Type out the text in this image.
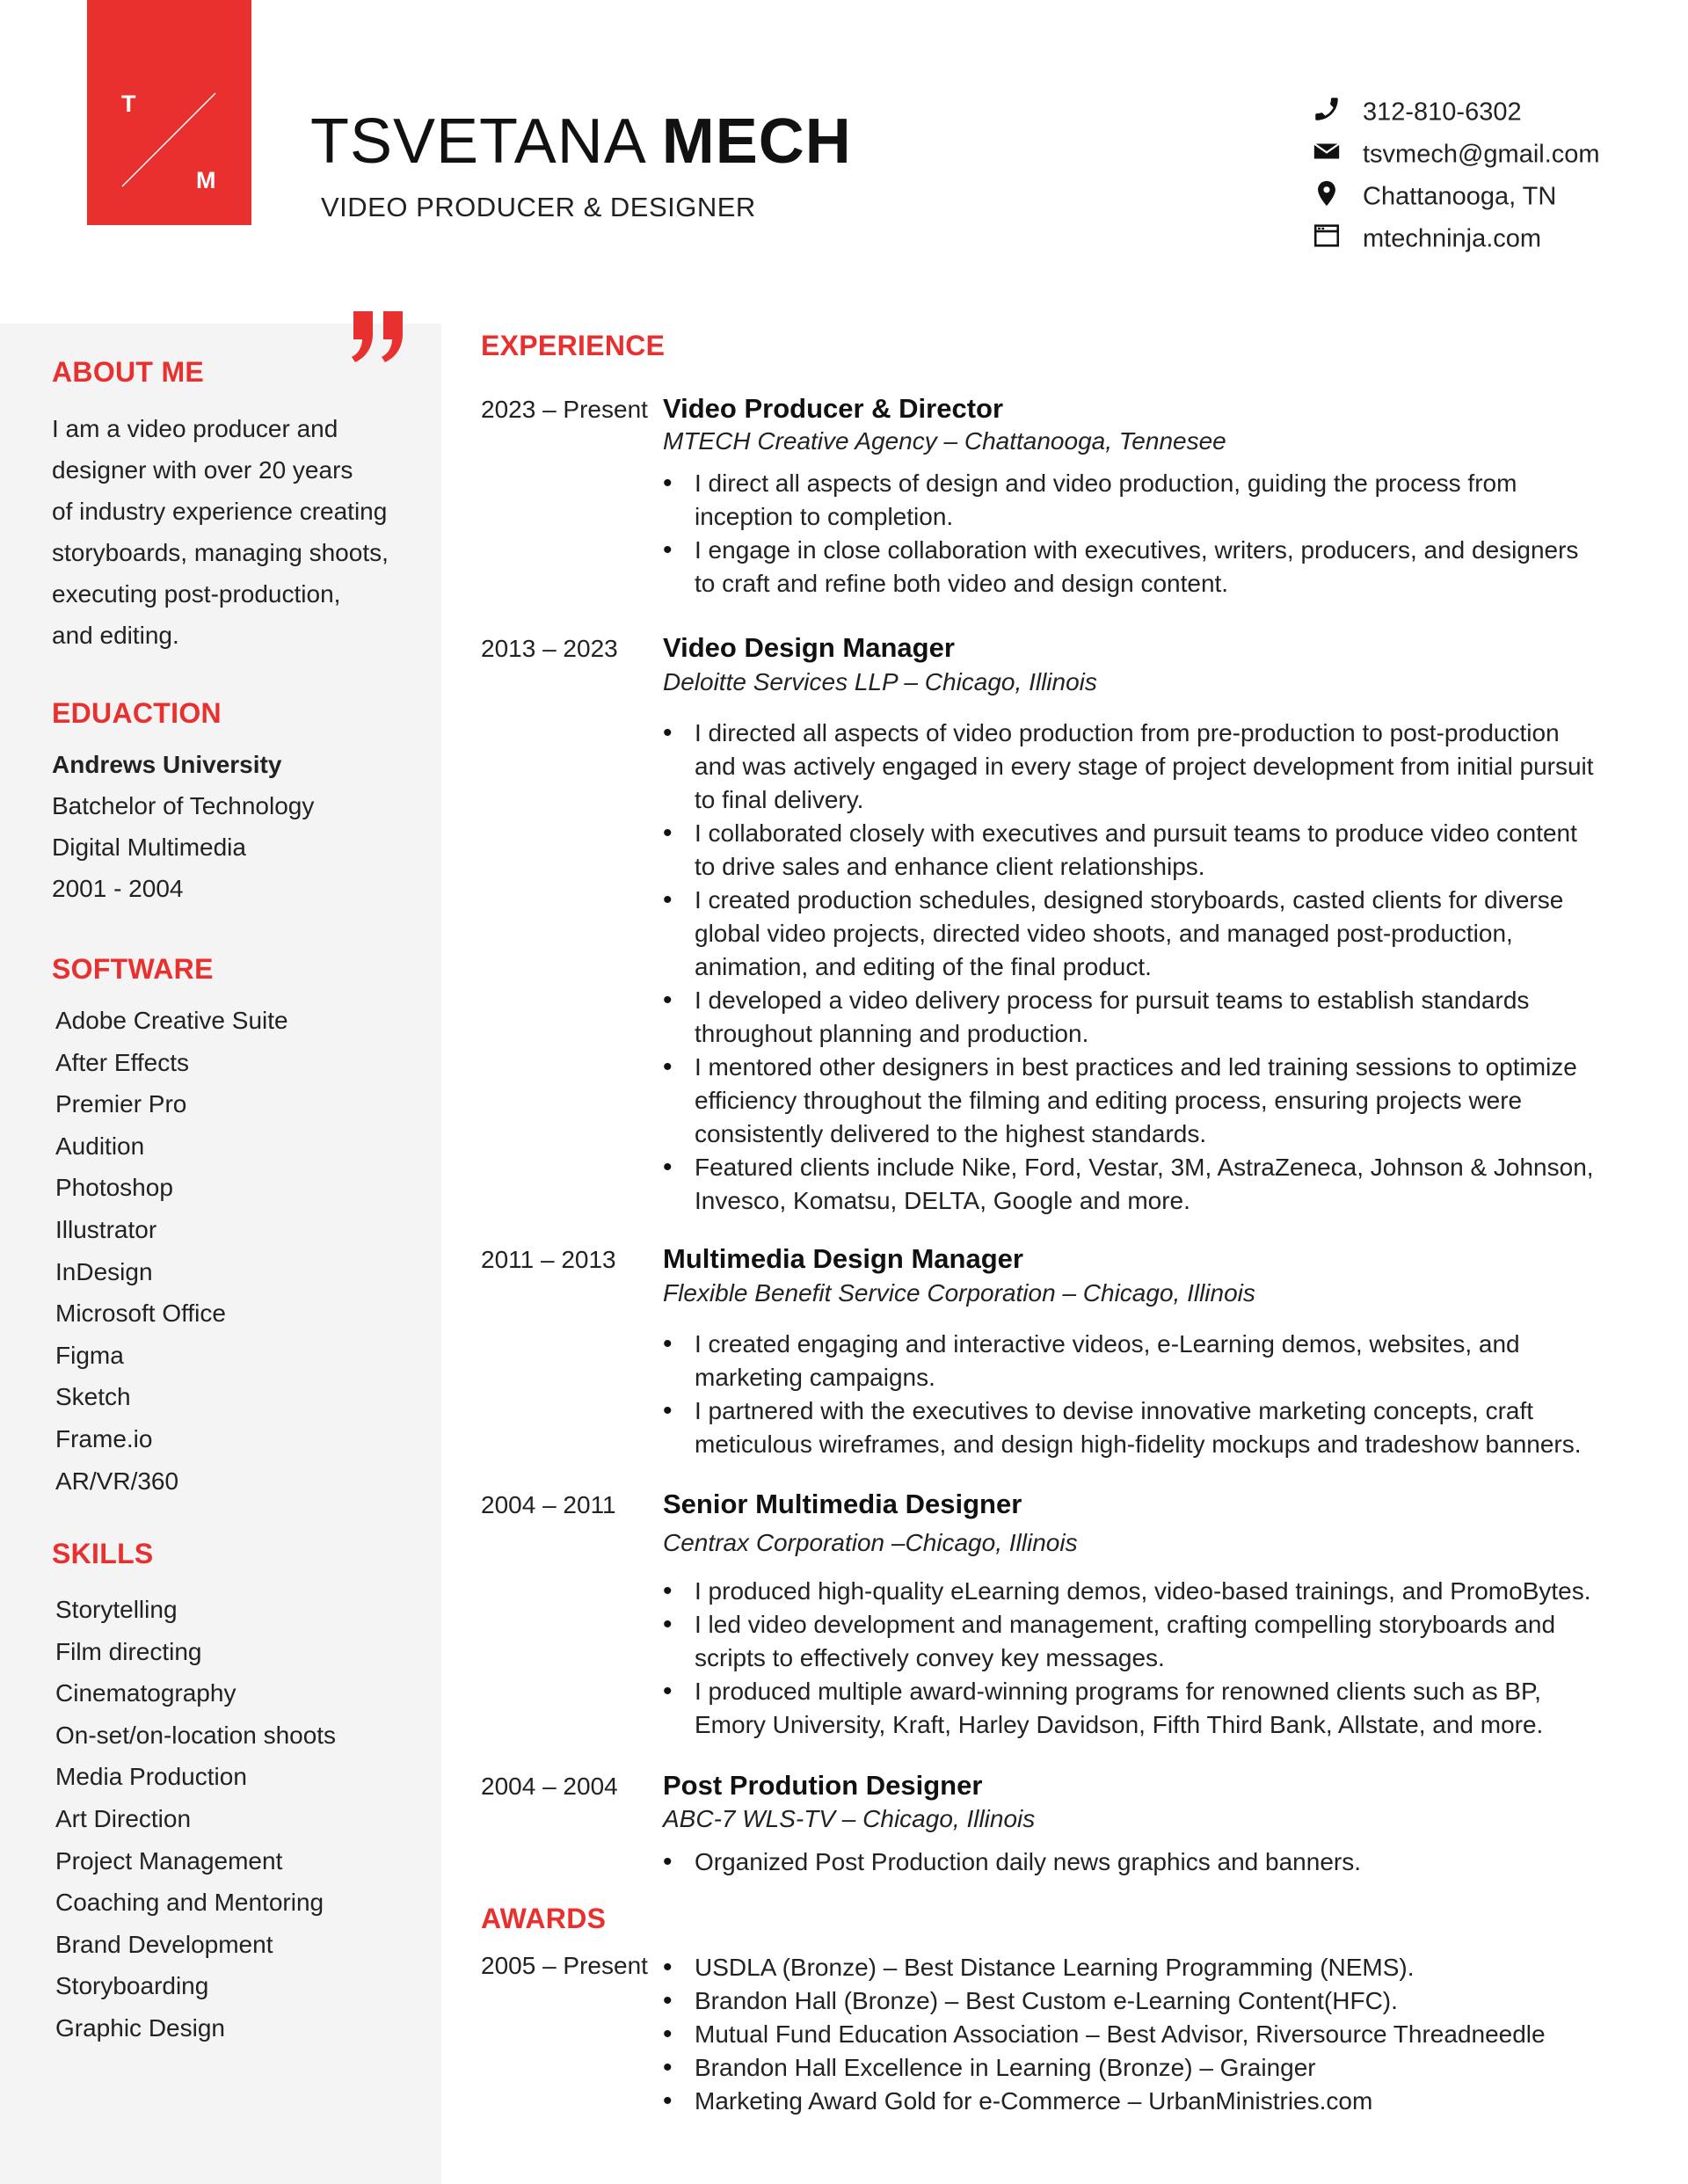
T
M
TSVETANA MECH
VIDEO PRODUCER & DESIGNER
312-810-6302
tsvmech@gmail.com
Chattanooga, TN
mtechninja.com
ABOUT ME
I am a video producer and
designer with over 20 years
of industry experience creating
storyboards, managing shoots,
executing post-production,
and editing.
EDUACTION
Andrews University
Batchelor of Technology
Digital Multimedia
2001 - 2004
SOFTWARE
Adobe Creative Suite
After Effects
Premier Pro
Audition
Photoshop
Illustrator
InDesign
Microsoft Office
Figma
Sketch
Frame.io
AR/VR/360
SKILLS
Storytelling
Film directing
Cinematography
On-set/on-location shoots
Media Production
Art Direction
Project Management
Coaching and Mentoring
Brand Development
Storyboarding
Graphic Design
EXPERIENCE
2023 – Present Video Producer & Director
MTECH Creative Agency – Chattanooga, Tennesee
• I direct all aspects of design and video production, guiding the process from inception to completion.
• I engage in close collaboration with executives, writers, producers, and designers to craft and refine both video and design content.
2013 – 2023 Video Design Manager
Deloitte Services LLP – Chicago, Illinois
• I directed all aspects of video production from pre-production to post-production and was actively engaged in every stage of project development from initial pursuit to final delivery.
• I collaborated closely with executives and pursuit teams to produce video content to drive sales and enhance client relationships.
• I created production schedules, designed storyboards, casted clients for diverse global video projects, directed video shoots, and managed post-production, animation, and editing of the final product.
• I developed a video delivery process for pursuit teams to establish standards throughout planning and production.
• I mentored other designers in best practices and led training sessions to optimize efficiency throughout the filming and editing process, ensuring projects were consistently delivered to the highest standards.
• Featured clients include Nike, Ford, Vestar, 3M, AstraZeneca, Johnson & Johnson, Invesco, Komatsu, DELTA, Google and more.
2011 – 2013 Multimedia Design Manager
Flexible Benefit Service Corporation – Chicago, Illinois
• I created engaging and interactive videos, e-Learning demos, websites, and marketing campaigns.
• I partnered with the executives to devise innovative marketing concepts, craft meticulous wireframes, and design high-fidelity mockups and tradeshow banners.
2004 – 2011 Senior Multimedia Designer
Centrax Corporation –Chicago, Illinois
• I produced high-quality eLearning demos, video-based trainings, and PromoBytes.
• I led video development and management, crafting compelling storyboards and scripts to effectively convey key messages.
• I produced multiple award-winning programs for renowned clients such as BP, Emory University, Kraft, Harley Davidson, Fifth Third Bank, Allstate, and more.
2004 – 2004 Post Prodution Designer
ABC-7 WLS-TV – Chicago, Illinois
• Organized Post Production daily news graphics and banners.
AWARDS
2005 – Present
•	USDLA (Bronze) – Best Distance Learning Programming (NEMS).
• Brandon Hall (Bronze) – Best Custom e-Learning Content(HFC).
• Mutual Fund Education Association – Best Advisor, Riversource Threadneedle
• Brandon Hall Excellence in Learning (Bronze) – Grainger
• Marketing Award Gold for e-Commerce – UrbanMinistries.com
